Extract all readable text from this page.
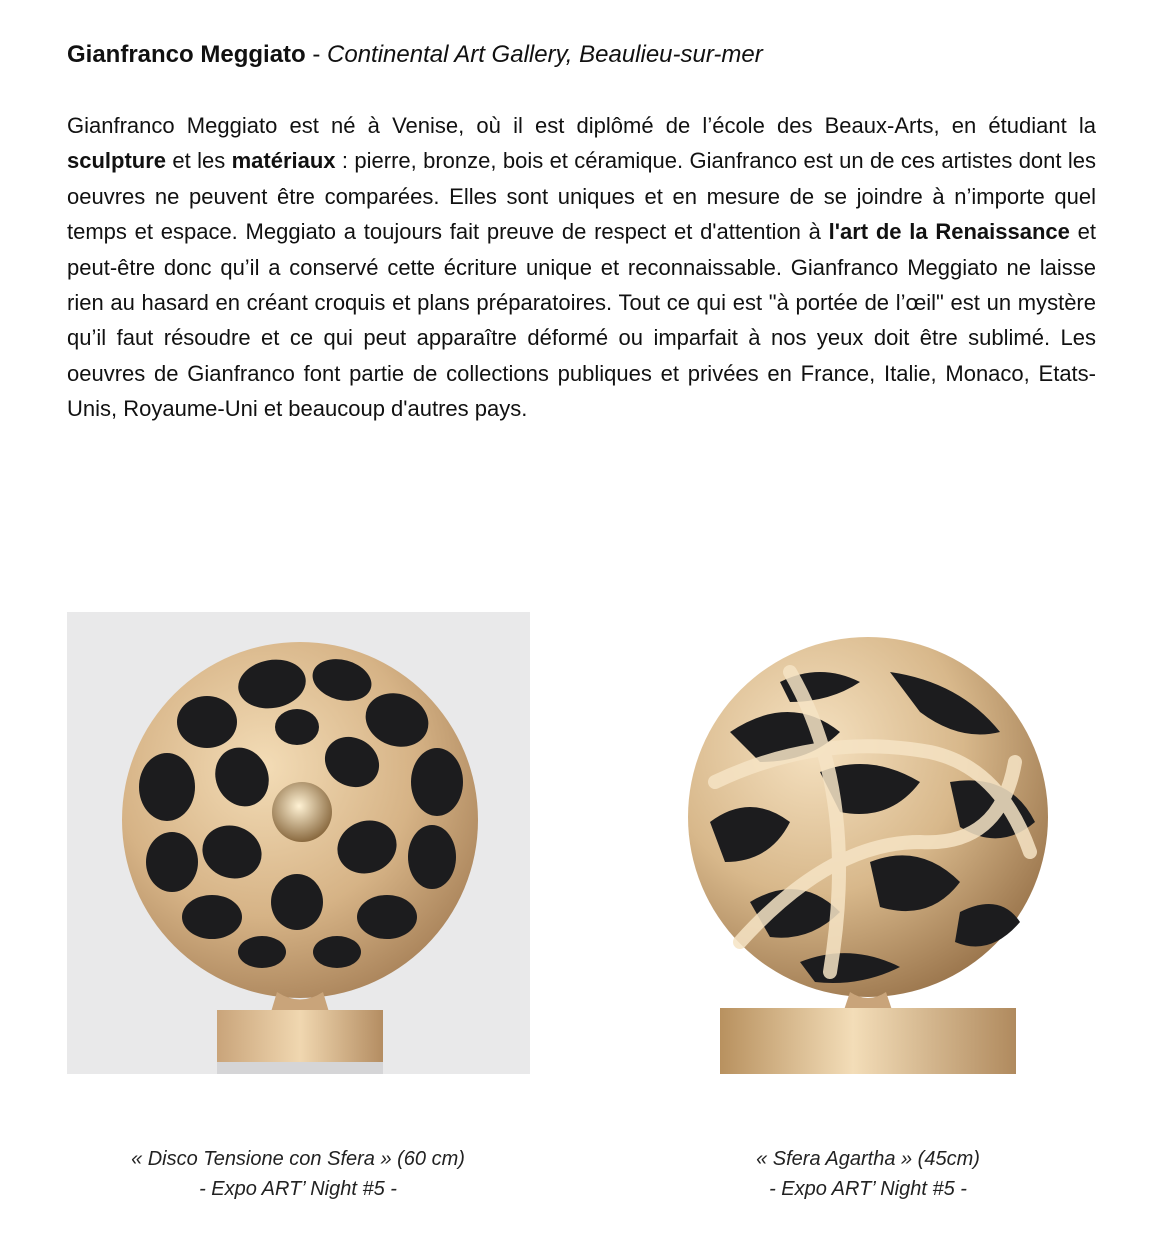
Gianfranco Meggiato - Continental Art Gallery, Beaulieu-sur-mer

Gianfranco Meggiato est né à Venise, où il est diplômé de l’école des Beaux-Arts, en étudiant la sculpture et les matériaux : pierre, bronze, bois et céramique. Gianfranco est un de ces artistes dont les oeuvres ne peuvent être comparées. Elles sont uniques et en mesure de se joindre à n’importe quel temps et espace. Meggiato a toujours fait preuve de respect et d'attention à l'art de la Renaissance et peut-être donc qu’il a conservé cette écriture unique et reconnaissable. Gianfranco Meggiato ne laisse rien au hasard en créant croquis et plans préparatoires. Tout ce qui est "à portée de l’œil" est un mystère qu’il faut résoudre et ce qui peut apparaître déformé ou imparfait à nos yeux doit être sublimé. Les oeuvres de Gianfranco font partie de collections publiques et privées en France, Italie, Monaco, Etats-Unis, Royaume-Uni et beaucoup d'autres pays.

« Disco Tensione con Sfera » (60 cm)
- Expo ART’ Night #5 -
« Sfera Agartha » (45cm)
- Expo ART’ Night #5 -
